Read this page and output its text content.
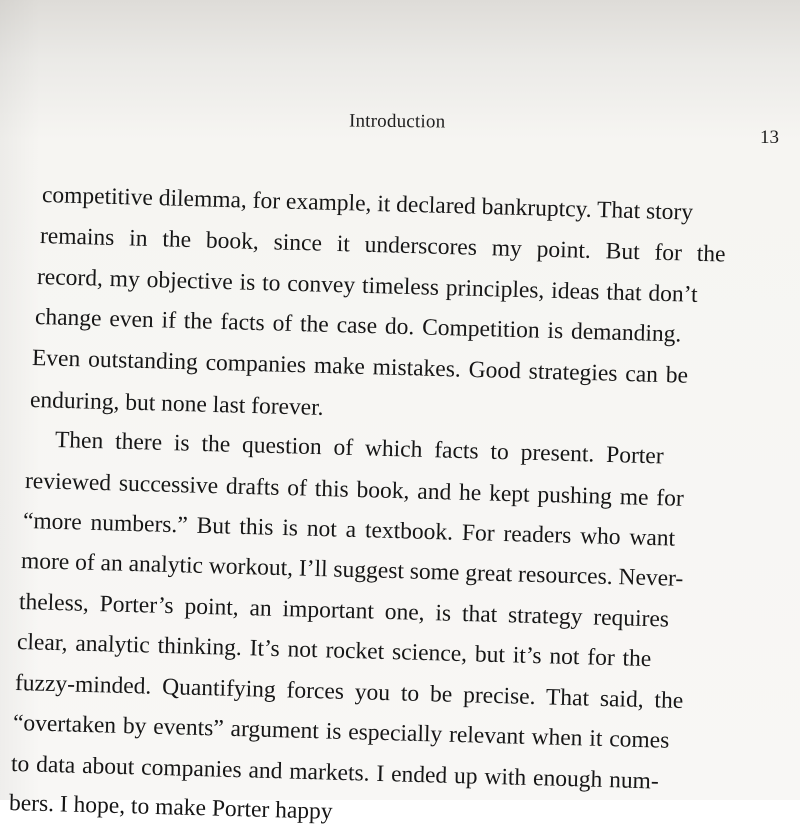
Introduction
13
competitive dilemma, for example, it declared bankruptcy. That story
remains in the book, since it underscores my point. But for the
record, my objective is to convey timeless principles, ideas that don’t
change even if the facts of the case do. Competition is demanding.
Even outstanding companies make mistakes. Good strategies can be
enduring, but none last forever.
Then there is the question of which facts to present. Porter
reviewed successive drafts of this book, and he kept pushing me for
“more numbers.” But this is not a textbook. For readers who want
more of an analytic workout, I’ll suggest some great resources. Never-
theless, Porter’s point, an important one, is that strategy requires
clear, analytic thinking. It’s not rocket science, but it’s not for the
fuzzy-minded. Quantifying forces you to be precise. That said, the
“overtaken by events” argument is especially relevant when it comes
to data about companies and markets. I ended up with enough num-
bers. I hope, to make Porter happy
